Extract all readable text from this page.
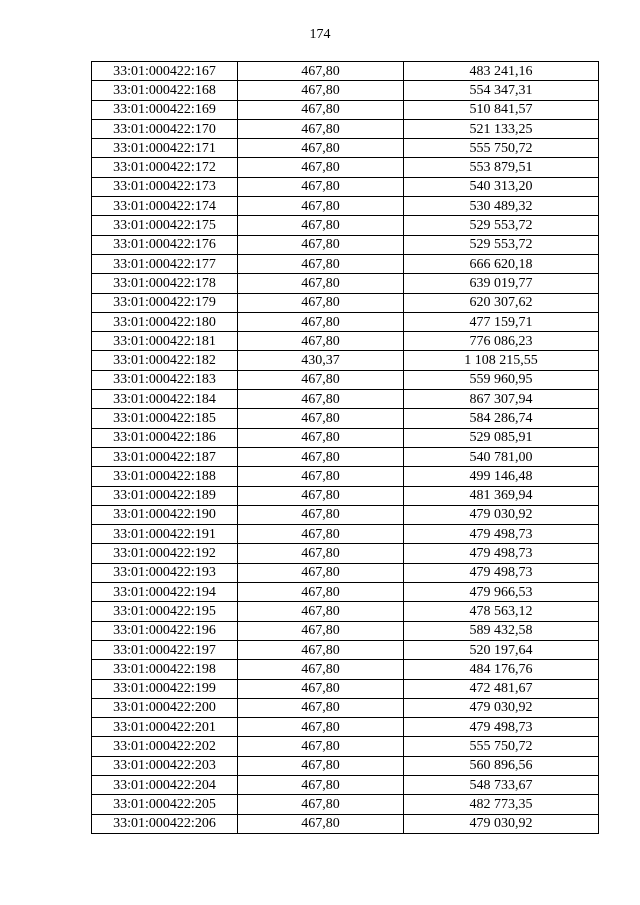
174
33:01:000422:167	467,80	483 241,16
33:01:000422:168	467,80	554 347,31
33:01:000422:169	467,80	510 841,57
33:01:000422:170	467,80	521 133,25
33:01:000422:171	467,80	555 750,72
33:01:000422:172	467,80	553 879,51
33:01:000422:173	467,80	540 313,20
33:01:000422:174	467,80	530 489,32
33:01:000422:175	467,80	529 553,72
33:01:000422:176	467,80	529 553,72
33:01:000422:177	467,80	666 620,18
33:01:000422:178	467,80	639 019,77
33:01:000422:179	467,80	620 307,62
33:01:000422:180	467,80	477 159,71
33:01:000422:181	467,80	776 086,23
33:01:000422:182	430,37	1 108 215,55
33:01:000422:183	467,80	559 960,95
33:01:000422:184	467,80	867 307,94
33:01:000422:185	467,80	584 286,74
33:01:000422:186	467,80	529 085,91
33:01:000422:187	467,80	540 781,00
33:01:000422:188	467,80	499 146,48
33:01:000422:189	467,80	481 369,94
33:01:000422:190	467,80	479 030,92
33:01:000422:191	467,80	479 498,73
33:01:000422:192	467,80	479 498,73
33:01:000422:193	467,80	479 498,73
33:01:000422:194	467,80	479 966,53
33:01:000422:195	467,80	478 563,12
33:01:000422:196	467,80	589 432,58
33:01:000422:197	467,80	520 197,64
33:01:000422:198	467,80	484 176,76
33:01:000422:199	467,80	472 481,67
33:01:000422:200	467,80	479 030,92
33:01:000422:201	467,80	479 498,73
33:01:000422:202	467,80	555 750,72
33:01:000422:203	467,80	560 896,56
33:01:000422:204	467,80	548 733,67
33:01:000422:205	467,80	482 773,35
33:01:000422:206	467,80	479 030,92
